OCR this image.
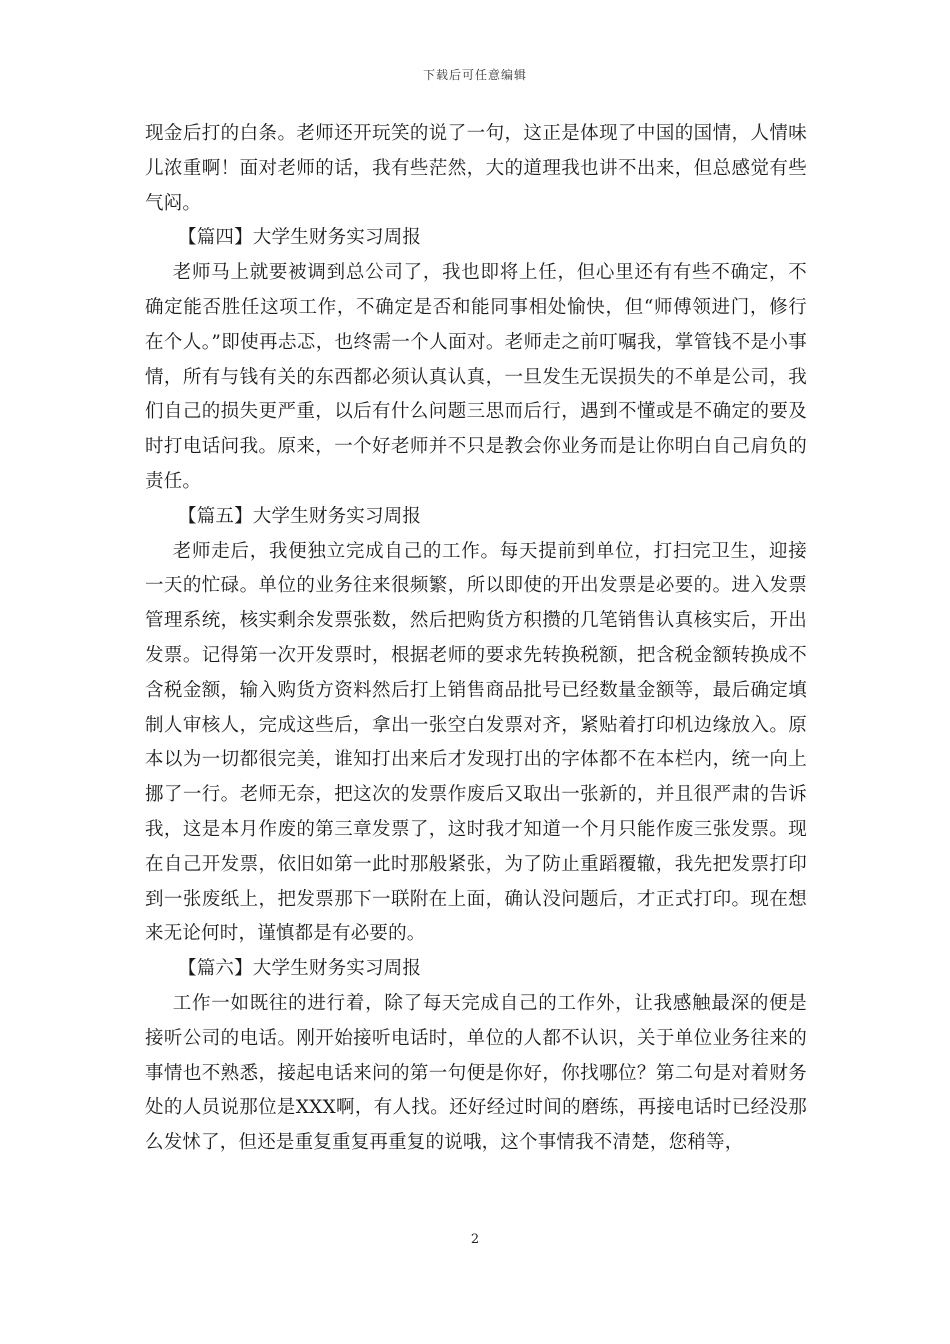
下载后可任意编辑

现金后打的白条。老师还开玩笑的说了一句，这正是体现了中国的国情，人情味儿浓重啊！面对老师的话，我有些茫然，大的道理我也讲不出来，但总感觉有些气闷。

【篇四】大学生财务实习周报

老师马上就要被调到总公司了，我也即将上任，但心里还有有些不确定，不确定能否胜任这项工作，不确定是否和能同事相处愉快，但“师傅领进门，修行在个人。”即使再忐忑，也终需一个人面对。老师走之前叮嘱我，掌管钱不是小事情，所有与钱有关的东西都必须认真认真，一旦发生无误损失的不单是公司，我们自己的损失更严重，以后有什么问题三思而后行，遇到不懂或是不确定的要及时打电话问我。原来，一个好老师并不只是教会你业务而是让你明白自己肩负的责任。

【篇五】大学生财务实习周报

老师走后，我便独立完成自己的工作。每天提前到单位，打扫完卫生，迎接一天的忙碌。单位的业务往来很频繁，所以即使的开出发票是必要的。进入发票管理系统，核实剩余发票张数，然后把购货方积攒的几笔销售认真核实后，开出发票。记得第一次开发票时，根据老师的要求先转换税额，把含税金额转换成不含税金额，输入购货方资料然后打上销售商品批号已经数量金额等，最后确定填制人审核人，完成这些后，拿出一张空白发票对齐，紧贴着打印机边缘放入。原本以为一切都很完美，谁知打出来后才发现打出的字体都不在本栏内，统一向上挪了一行。老师无奈，把这次的发票作废后又取出一张新的，并且很严肃的告诉我，这是本月作废的第三章发票了，这时我才知道一个月只能作废三张发票。现在自己开发票，依旧如第一此时那般紧张，为了防止重蹈覆辙，我先把发票打印到一张废纸上，把发票那下一联附在上面，确认没问题后，才正式打印。现在想来无论何时，谨慎都是有必要的。

【篇六】大学生财务实习周报

工作一如既往的进行着，除了每天完成自己的工作外，让我感触最深的便是接听公司的电话。刚开始接听电话时，单位的人都不认识，关于单位业务往来的事情也不熟悉，接起电话来问的第一句便是你好，你找哪位？第二句是对着财务处的人员说那位是XXX啊，有人找。还好经过时间的磨练，再接电话时已经没那么发怵了，但还是重复重复再重复的说哦，这个事情我不清楚，您稍等，

2
